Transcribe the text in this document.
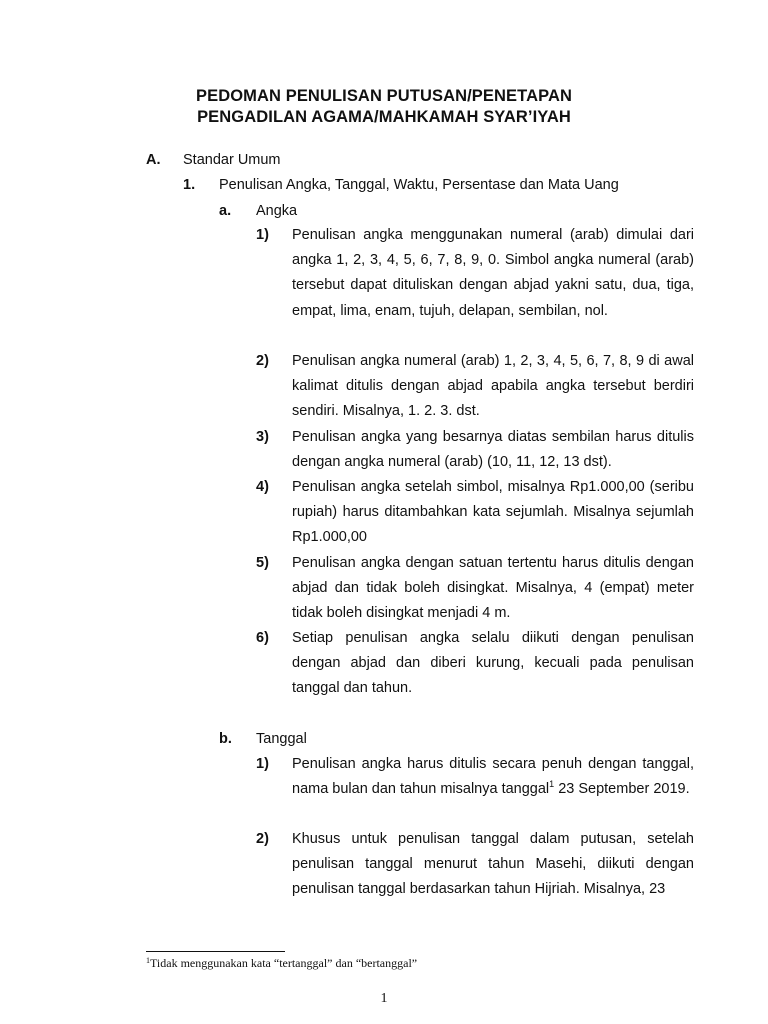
PEDOMAN PENULISAN PUTUSAN/PENETAPAN
PENGADILAN AGAMA/MAHKAMAH SYAR’IYAH
A. Standar Umum
1. Penulisan Angka, Tanggal, Waktu, Persentase dan Mata Uang
a. Angka
1) Penulisan angka menggunakan numeral (arab) dimulai dari angka 1, 2, 3, 4, 5, 6, 7, 8, 9, 0. Simbol angka numeral (arab) tersebut dapat dituliskan dengan abjad yakni satu, dua, tiga, empat, lima, enam, tujuh, delapan, sembilan, nol.
2) Penulisan angka numeral (arab) 1, 2, 3, 4, 5, 6, 7, 8, 9 di awal kalimat ditulis dengan abjad apabila angka tersebut berdiri sendiri. Misalnya, 1. 2. 3. dst.
3) Penulisan angka yang besarnya diatas sembilan harus ditulis dengan angka numeral (arab) (10, 11, 12, 13 dst).
4) Penulisan angka setelah simbol, misalnya Rp1.000,00 (seribu rupiah) harus ditambahkan kata sejumlah. Misalnya sejumlah Rp1.000,00
5) Penulisan angka dengan satuan tertentu harus ditulis dengan abjad dan tidak boleh disingkat. Misalnya, 4 (empat) meter tidak boleh disingkat menjadi 4 m.
6) Setiap penulisan angka selalu diikuti dengan penulisan dengan abjad dan diberi kurung, kecuali pada penulisan tanggal dan tahun.
b. Tanggal
1) Penulisan angka harus ditulis secara penuh dengan tanggal, nama bulan dan tahun misalnya tanggal$^1$ 23 September 2019.
2) Khusus untuk penulisan tanggal dalam putusan, setelah penulisan tanggal menurut tahun Masehi, diikuti dengan penulisan tanggal berdasarkan tahun Hijriah. Misalnya, 23
$^1$Tidak menggunakan kata “tertanggal” dan “bertanggal”
1
